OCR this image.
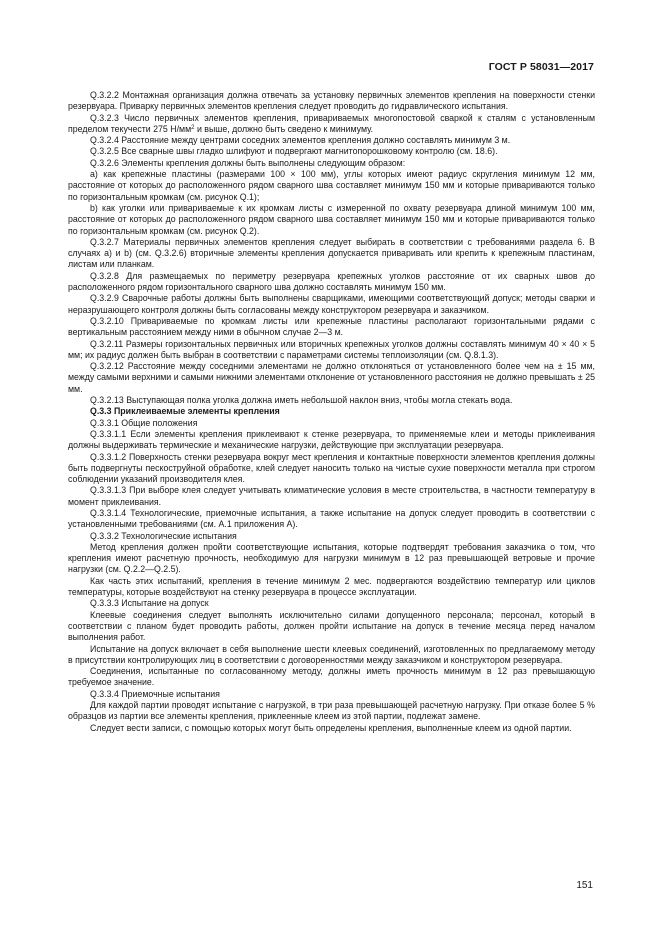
ГОСТ Р 58031—2017

Q.3.2.2 Монтажная организация должна отвечать за установку первичных элементов крепления на поверхности стенки резервуара. Приварку первичных элементов крепления следует проводить до гидравлического испытания.

Q.3.2.3 Число первичных элементов крепления, привариваемых многопостовой сваркой к сталям с установленным пределом текучести 275 $Н/мм^2$ и выше, должно быть сведено к минимуму.

Q.3.2.4 Расстояние между центрами соседних элементов крепления должно составлять минимум 3 м.

Q.3.2.5 Все сварные швы гладко шлифуют и подвергают магнитопорошковому контролю (см. 18.6).

Q.3.2.6 Элементы крепления должны быть выполнены следующим образом:

а) как крепежные пластины (размерами 100 × 100 мм), углы которых имеют радиус скругления минимум 12 мм, расстояние от которых до расположенного рядом сварного шва составляет минимум 150 мм и которые привариваются только по горизонтальным кромкам (см. рисунок Q.1);

b) как уголки или привариваемые к их кромкам листы с измеренной по охвату резервуара длиной минимум 100 мм, расстояние от которых до расположенного рядом сварного шва составляет минимум 150 мм и которые привариваются только по горизонтальным кромкам (см. рисунок Q.2).

Q.3.2.7 Материалы первичных элементов крепления следует выбирать в соответствии с требованиями раздела 6. В случаях а) и b) (см. Q.3.2.6) вторичные элементы крепления допускается приваривать или крепить к крепежным пластинам, листам или планкам.

Q.3.2.8 Для размещаемых по периметру резервуара крепежных уголков расстояние от их сварных швов до расположенного рядом горизонтального сварного шва должно составлять минимум 150 мм.

Q.3.2.9 Сварочные работы должны быть выполнены сварщиками, имеющими соответствующий допуск; методы сварки и неразрушающего контроля должны быть согласованы между конструктором резервуара и заказчиком.

Q.3.2.10 Привариваемые по кромкам листы или крепежные пластины располагают горизонтальными рядами с вертикальным расстоянием между ними в обычном случае 2—3 м.

Q.3.2.11 Размеры горизонтальных первичных или вторичных крепежных уголков должны составлять минимум 40 × 40 × 5 мм; их радиус должен быть выбран в соответствии с параметрами системы теплоизоляции (см. Q.8.1.3).

Q.3.2.12 Расстояние между соседними элементами не должно отклоняться от установленного более чем на ± 15 мм, между самыми верхними и самыми нижними элементами отклонение от установленного расстояния не должно превышать ± 25 мм.

Q.3.2.13 Выступающая полка уголка должна иметь небольшой наклон вниз, чтобы могла стекать вода.

Q.3.3 Приклеиваемые элементы крепления

Q.3.3.1 Общие положения

Q.3.3.1.1 Если элементы крепления приклеивают к стенке резервуара, то применяемые клеи и методы приклеивания должны выдерживать термические и механические нагрузки, действующие при эксплуатации резервуара.

Q.3.3.1.2 Поверхность стенки резервуара вокруг мест крепления и контактные поверхности элементов крепления должны быть подвергнуты пескоструйной обработке, клей следует наносить только на чистые сухие поверхности металла при строгом соблюдении указаний производителя клея.

Q.3.3.1.3 При выборе клея следует учитывать климатические условия в месте строительства, в частности температуру в момент приклеивания.

Q.3.3.1.4 Технологические, приемочные испытания, а также испытание на допуск следует проводить в соответствии с установленными требованиями (см. А.1 приложения А).

Q.3.3.2 Технологические испытания

Метод крепления должен пройти соответствующие испытания, которые подтвердят требования заказчика о том, что крепления имеют расчетную прочность, необходимую для нагрузки минимум в 12 раз превышающей ветровые и прочие нагрузки (см. Q.2.2—Q.2.5).

Как часть этих испытаний, крепления в течение минимум 2 мес. подвергаются воздействию температур или циклов температуры, которые воздействуют на стенку резервуара в процессе эксплуатации.

Q.3.3.3 Испытание на допуск

Клеевые соединения следует выполнять исключительно силами допущенного персонала; персонал, который в соответствии с планом будет проводить работы, должен пройти испытание на допуск в течение месяца перед началом выполнения работ.

Испытание на допуск включает в себя выполнение шести клеевых соединений, изготовленных по предлагаемому методу в присутствии контролирующих лиц в соответствии с договоренностями между заказчиком и конструктором резервуара.

Соединения, испытанные по согласованному методу, должны иметь прочность минимум в 12 раз превышающую требуемое значение.

Q.3.3.4 Приемочные испытания

Для каждой партии проводят испытание с нагрузкой, в три раза превышающей расчетную нагрузку. При отказе более 5 % образцов из партии все элементы крепления, приклеенные клеем из этой партии, подлежат замене.

Следует вести записи, с помощью которых могут быть определены крепления, выполненные клеем из одной партии.

151
